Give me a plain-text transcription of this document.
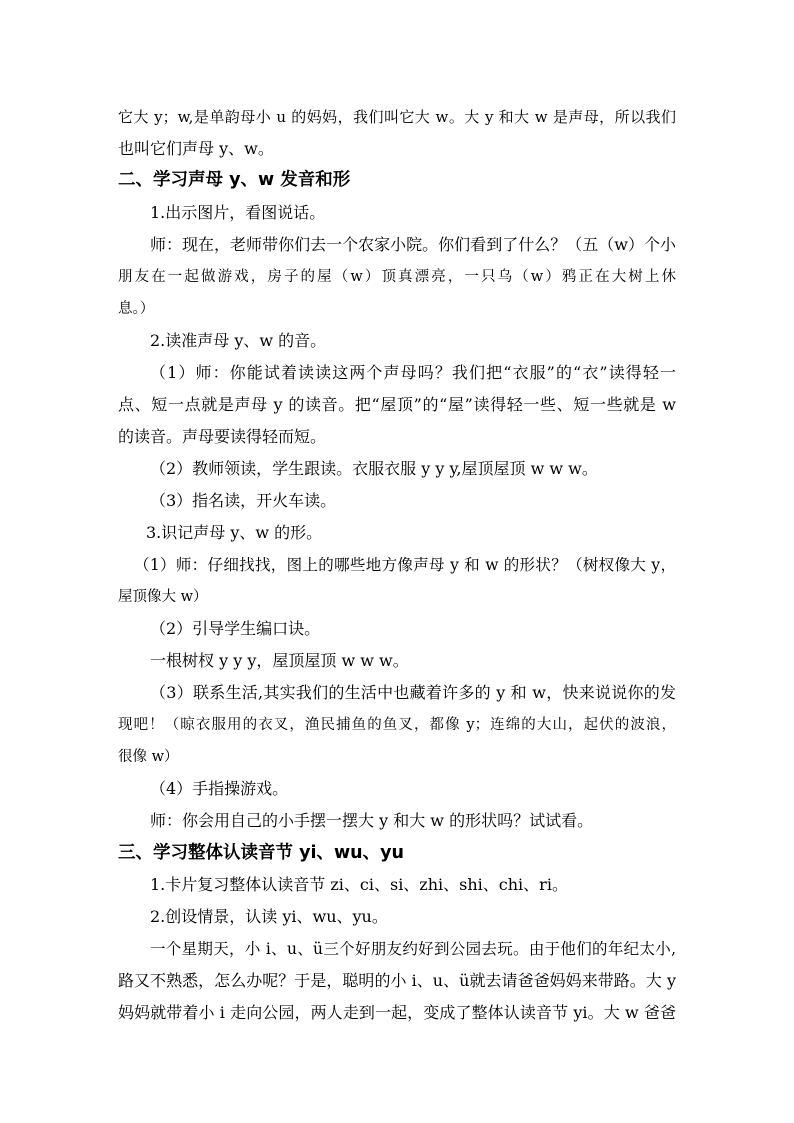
它大 y；w,是单韵母小 u 的妈妈，我们叫它大 w。大 y 和大 w 是声母，所以我们
也叫它们声母 y、w。
二、学习声母 y、w 发音和形
1.出示图片，看图说话。
师：现在，老师带你们去一个农家小院。你们看到了什么？（五（w）个小
朋友在一起做游戏，房子的屋（w）顶真漂亮，一只乌（w）鸦正在大树上休
息。）
2.读准声母 y、w 的音。
（1）师：你能试着读读这两个声母吗？我们把“衣服”的“衣”读得轻一
点、短一点就是声母 y 的读音。把“屋顶”的“屋”读得轻一些、短一些就是 w
的读音。声母要读得轻而短。
（2）教师领读，学生跟读。衣服衣服 y y y,屋顶屋顶 w w w。
（3）指名读，开火车读。
3.识记声母 y、w 的形。
（1）师：仔细找找，图上的哪些地方像声母 y 和 w 的形状？（树杈像大 y，
屋顶像大 w）
（2）引导学生编口诀。
一根树杈 y y y，屋顶屋顶 w w w。
（3）联系生活,其实我们的生活中也藏着许多的 y 和 w，快来说说你的发
现吧！（晾衣服用的衣叉，渔民捕鱼的鱼叉，都像 y；连绵的大山，起伏的波浪，
很像 w）
（4）手指操游戏。
师：你会用自己的小手摆一摆大 y 和大 w 的形状吗？试试看。
三、学习整体认读音节 yi、wu、yu
1.卡片复习整体认读音节 zi、ci、si、zhi、shi、chi、ri。
2.创设情景，认读 yi、wu、yu。
一个星期天，小 i、u、ü三个好朋友约好到公园去玩。由于他们的年纪太小,
路又不熟悉，怎么办呢？于是，聪明的小 i、u、ü就去请爸爸妈妈来带路。大 y
妈妈就带着小 i 走向公园，两人走到一起，变成了整体认读音节 yi。大 w 爸爸
